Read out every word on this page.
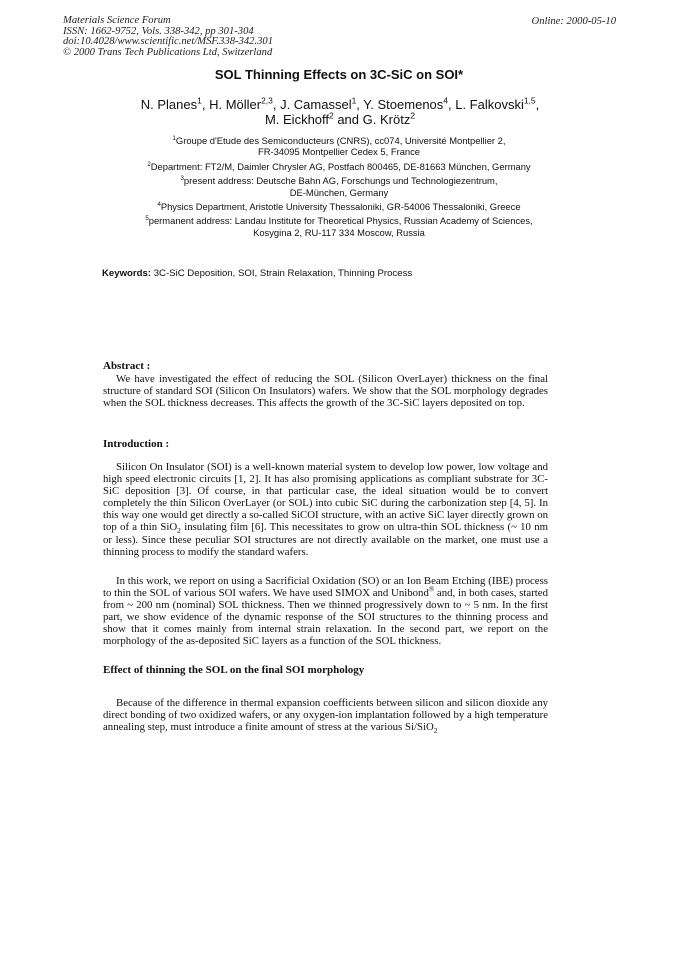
Materials Science Forum
ISSN: 1662-9752, Vols. 338-342, pp 301-304
doi:10.4028/www.scientific.net/MSF.338-342.301
© 2000 Trans Tech Publications Ltd, Switzerland
Online: 2000-05-10
SOL Thinning Effects on 3C-SiC on SOI*
N. Planes$^1$, H. Möller$^{2,3}$, J. Camassel$^1$, Y. Stoemenos$^4$, L. Falkovski$^{1,5}$,
M. Eickhoff$^2$ and G. Krötz$^2$
$^1$Groupe d'Etude des Semiconducteurs (CNRS), cc074, Université Montpellier 2,
FR-34095 Montpellier Cedex 5, France
$^2$Department: FT2/M, Daimler Chrysler AG, Postfach 800465, DE-81663 München, Germany
$^3$present address: Deutsche Bahn AG, Forschungs und Technologiezentrum,
DE-München, Germany
$^4$Physics Department, Aristotle University Thessaloniki, GR-54006 Thessaloniki, Greece
$^5$permanent address: Landau Institute for Theoretical Physics, Russian Academy of Sciences,
Kosygina 2, RU-117 334 Moscow, Russia
Keywords: 3C-SiC Deposition, SOI, Strain Relaxation, Thinning Process
Abstract :
We have investigated the effect of reducing the SOL (Silicon OverLayer) thickness on the final structure of standard SOI (Silicon On Insulators) wafers. We show that the SOL morphology degrades when the SOL thickness decreases. This affects the growth of the 3C-SiC layers deposited on top.
Introduction :
Silicon On Insulator (SOI) is a well-known material system to develop low power, low voltage and high speed electronic circuits [1, 2]. It has also promising applications as compliant substrate for 3C-SiC deposition [3]. Of course, in that particular case, the ideal situation would be to convert completely the thin Silicon OverLayer (or SOL) into cubic SiC during the carbonization step [4, 5]. In this way one would get directly a so-called SiCOI structure, with an active SiC layer directly grown on top of a thin SiO$_2$ insulating film [6]. This necessitates to grow on ultra-thin SOL thickness (~ 10 nm or less). Since these peculiar SOI structures are not directly available on the market, one must use a thinning process to modify the standard wafers.
In this work, we report on using a Sacrificial Oxidation (SO) or an Ion Beam Etching (IBE) process to thin the SOL of various SOI wafers. We have used SIMOX and Unibond® and, in both cases, started from ~ 200 nm (nominal) SOL thickness. Then we thinned progressively down to ~ 5 nm. In the first part, we show evidence of the dynamic response of the SOI structures to the thinning process and show that it comes mainly from internal strain relaxation. In the second part, we report on the morphology of the as-deposited SiC layers as a function of the SOL thickness.
Effect of thinning the SOL on the final SOI morphology
Because of the difference in thermal expansion coefficients between silicon and silicon dioxide any direct bonding of two oxidized wafers, or any oxygen-ion implantation followed by a high temperature annealing step, must introduce a finite amount of stress at the various Si/SiO$_2$
